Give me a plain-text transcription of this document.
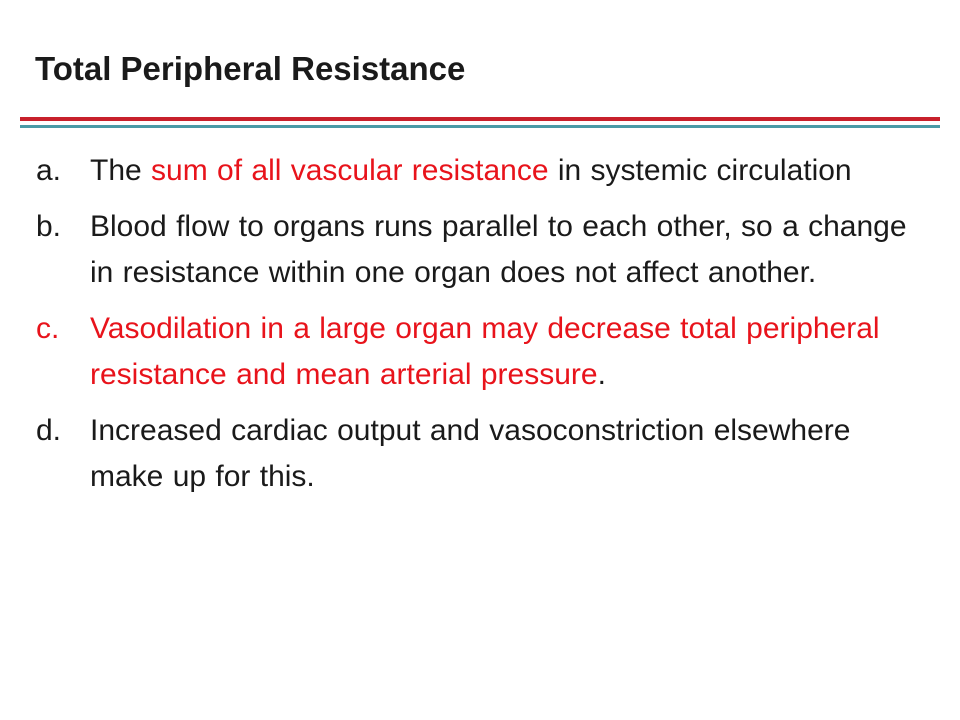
Total Peripheral Resistance
a. The sum of all vascular resistance in systemic circulation
b. Blood flow to organs runs parallel to each other, so a change in resistance within one organ does not affect another.
c.	Vasodilation in a large organ may decrease total peripheral resistance and mean arterial pressure.
d. Increased cardiac output and vasoconstriction elsewhere make up for this.
